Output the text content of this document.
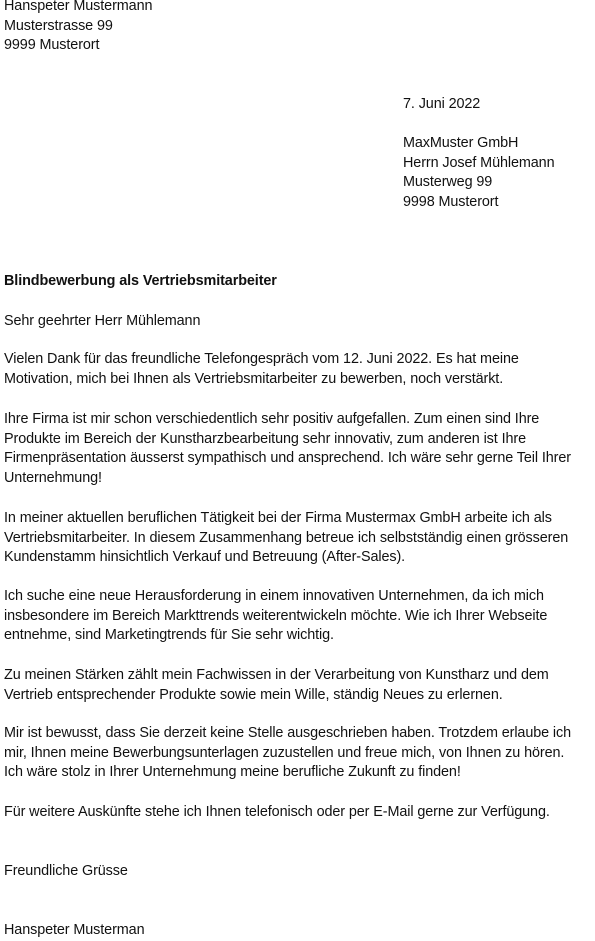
Hanspeter Mustermann
Musterstrasse 99
9999 Musterort
7. Juni 2022
MaxMuster GmbH
Herrn Josef Mühlemann
Musterweg 99
9998 Musterort
Blindbewerbung als Vertriebsmitarbeiter
Sehr geehrter Herr Mühlemann
Vielen Dank für das freundliche Telefongespräch vom 12. Juni 2022. Es hat meine
Motivation, mich bei Ihnen als Vertriebsmitarbeiter zu bewerben, noch verstärkt.
Ihre Firma ist mir schon verschiedentlich sehr positiv aufgefallen. Zum einen sind Ihre
Produkte im Bereich der Kunstharzbearbeitung sehr innovativ, zum anderen ist Ihre
Firmenpräsentation äusserst sympathisch und ansprechend. Ich wäre sehr gerne Teil Ihrer
Unternehmung!
In meiner aktuellen beruflichen Tätigkeit bei der Firma Mustermax GmbH arbeite ich als
Vertriebsmitarbeiter. In diesem Zusammenhang betreue ich selbstständig einen grösseren
Kundenstamm hinsichtlich Verkauf und Betreuung (After-Sales).
Ich suche eine neue Herausforderung in einem innovativen Unternehmen, da ich mich
insbesondere im Bereich Markttrends weiterentwickeln möchte. Wie ich Ihrer Webseite
entnehme, sind Marketingtrends für Sie sehr wichtig.
Zu meinen Stärken zählt mein Fachwissen in der Verarbeitung von Kunstharz und dem
Vertrieb entsprechender Produkte sowie mein Wille, ständig Neues zu erlernen.
Mir ist bewusst, dass Sie derzeit keine Stelle ausgeschrieben haben. Trotzdem erlaube ich
mir, Ihnen meine Bewerbungsunterlagen zuzustellen und freue mich, von Ihnen zu hören.
Ich wäre stolz in Ihrer Unternehmung meine berufliche Zukunft zu finden!
Für weitere Auskünfte stehe ich Ihnen telefonisch oder per E-Mail gerne zur Verfügung.
Freundliche Grüsse
Hanspeter Musterman
